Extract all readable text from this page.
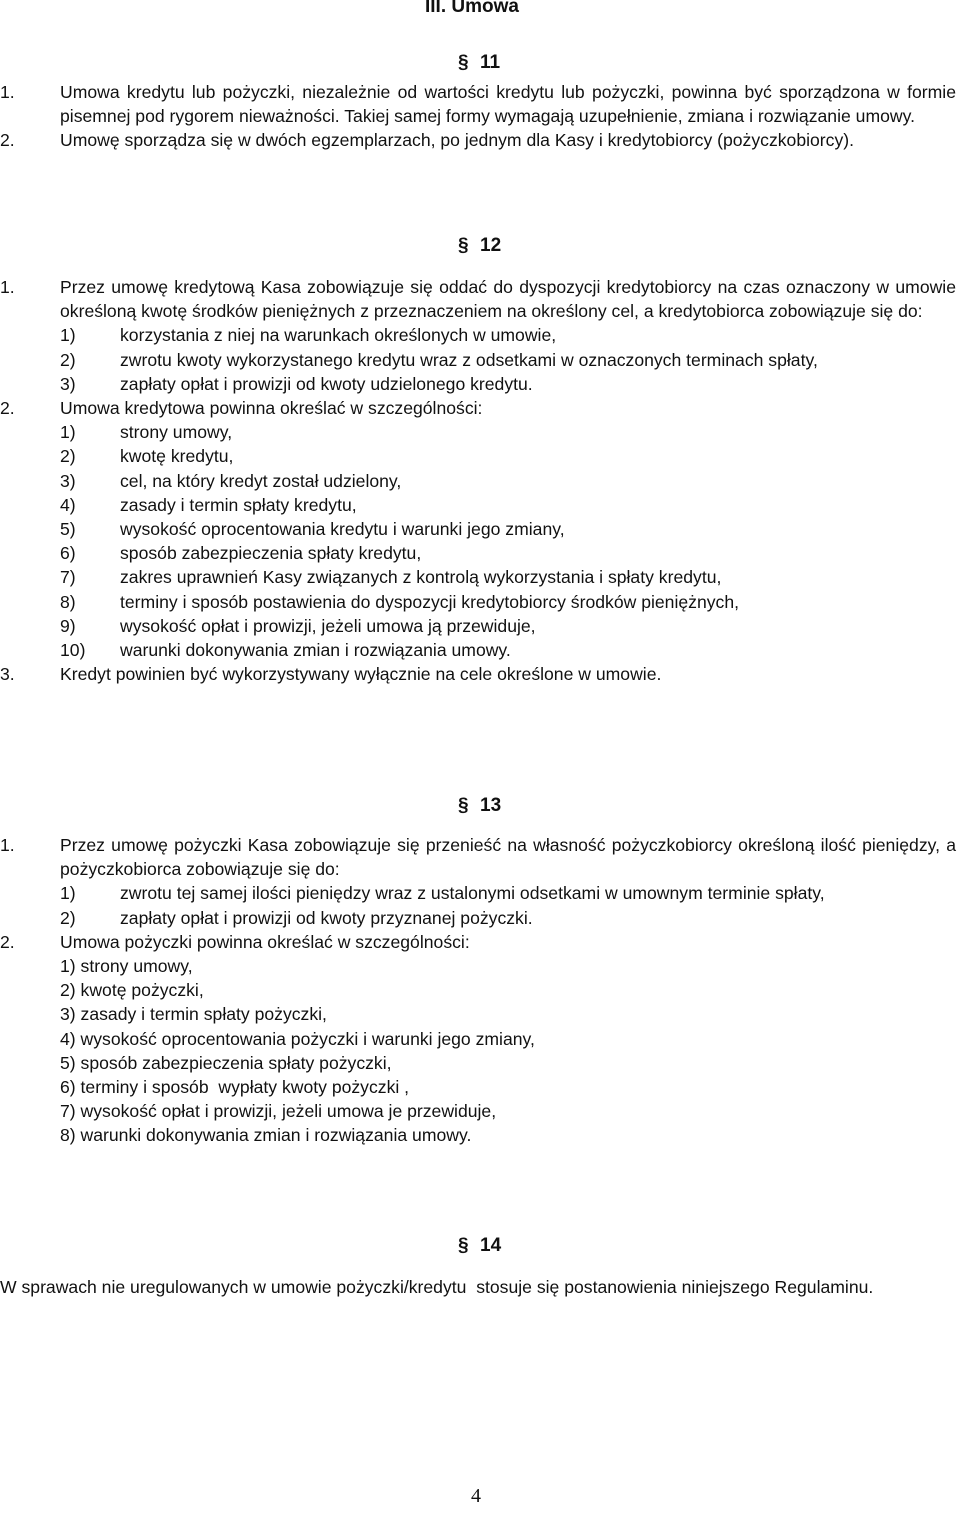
III. Umowa
§ 11
1.	Umowa kredytu lub pożyczki, niezależnie od wartości kredytu lub pożyczki, powinna być sporządzona w formie pisemnej pod rygorem nieważności. Takiej samej formy wymagają uzupełnienie, zmiana i rozwiązanie umowy.
2.	Umowę sporządza się w dwóch egzemplarzach, po jednym dla Kasy i kredytobiorcy (pożyczkobiorcy).
§ 12
1.	Przez umowę kredytową Kasa zobowiązuje się oddać do dyspozycji kredytobiorcy na czas oznaczony w umowie określoną kwotę środków pieniężnych z przeznaczeniem na określony cel, a kredytobiorca zobowiązuje się do:
1)	korzystania z niej na warunkach określonych w umowie,
2)	zwrotu kwoty wykorzystanego kredytu wraz z odsetkami w oznaczonych terminach spłaty,
3)	zapłaty opłat i prowizji od kwoty udzielonego kredytu.
2.	Umowa kredytowa powinna określać w szczególności:
1)	strony umowy,
2)	kwotę kredytu,
3)	cel, na który kredyt został udzielony,
4)	zasady i termin spłaty kredytu,
5)	wysokość oprocentowania kredytu i warunki jego zmiany,
6)	sposób zabezpieczenia spłaty kredytu,
7)	zakres uprawnień Kasy związanych z kontrolą wykorzystania i spłaty kredytu,
8)	terminy i sposób postawienia do dyspozycji kredytobiorcy środków pieniężnych,
9)	wysokość opłat i prowizji, jeżeli umowa ją przewiduje,
10)	warunki dokonywania zmian i rozwiązania umowy.
3.	Kredyt powinien być wykorzystywany wyłącznie na cele określone w umowie.
§ 13
1.	Przez umowę pożyczki Kasa zobowiązuje się przenieść na własność pożyczkobiorcy określoną ilość pieniędzy, a pożyczkobiorca zobowiązuje się do:
1)	zwrotu tej samej ilości pieniędzy wraz z ustalonymi odsetkami w umownym terminie spłaty,
2)	zapłaty opłat i prowizji od kwoty przyznanej pożyczki.
2.	Umowa pożyczki powinna określać w szczególności:
1) strony umowy,
2) kwotę pożyczki,
3) zasady i termin spłaty pożyczki,
4) wysokość oprocentowania pożyczki i warunki jego zmiany,
5) sposób zabezpieczenia spłaty pożyczki,
6) terminy i sposób  wypłaty kwoty pożyczki ,
7) wysokość opłat i prowizji, jeżeli umowa je przewiduje,
8) warunki dokonywania zmian i rozwiązania umowy.
§ 14
W sprawach nie uregulowanych w umowie pożyczki/kredytu  stosuje się postanowienia niniejszego Regulaminu.
4
